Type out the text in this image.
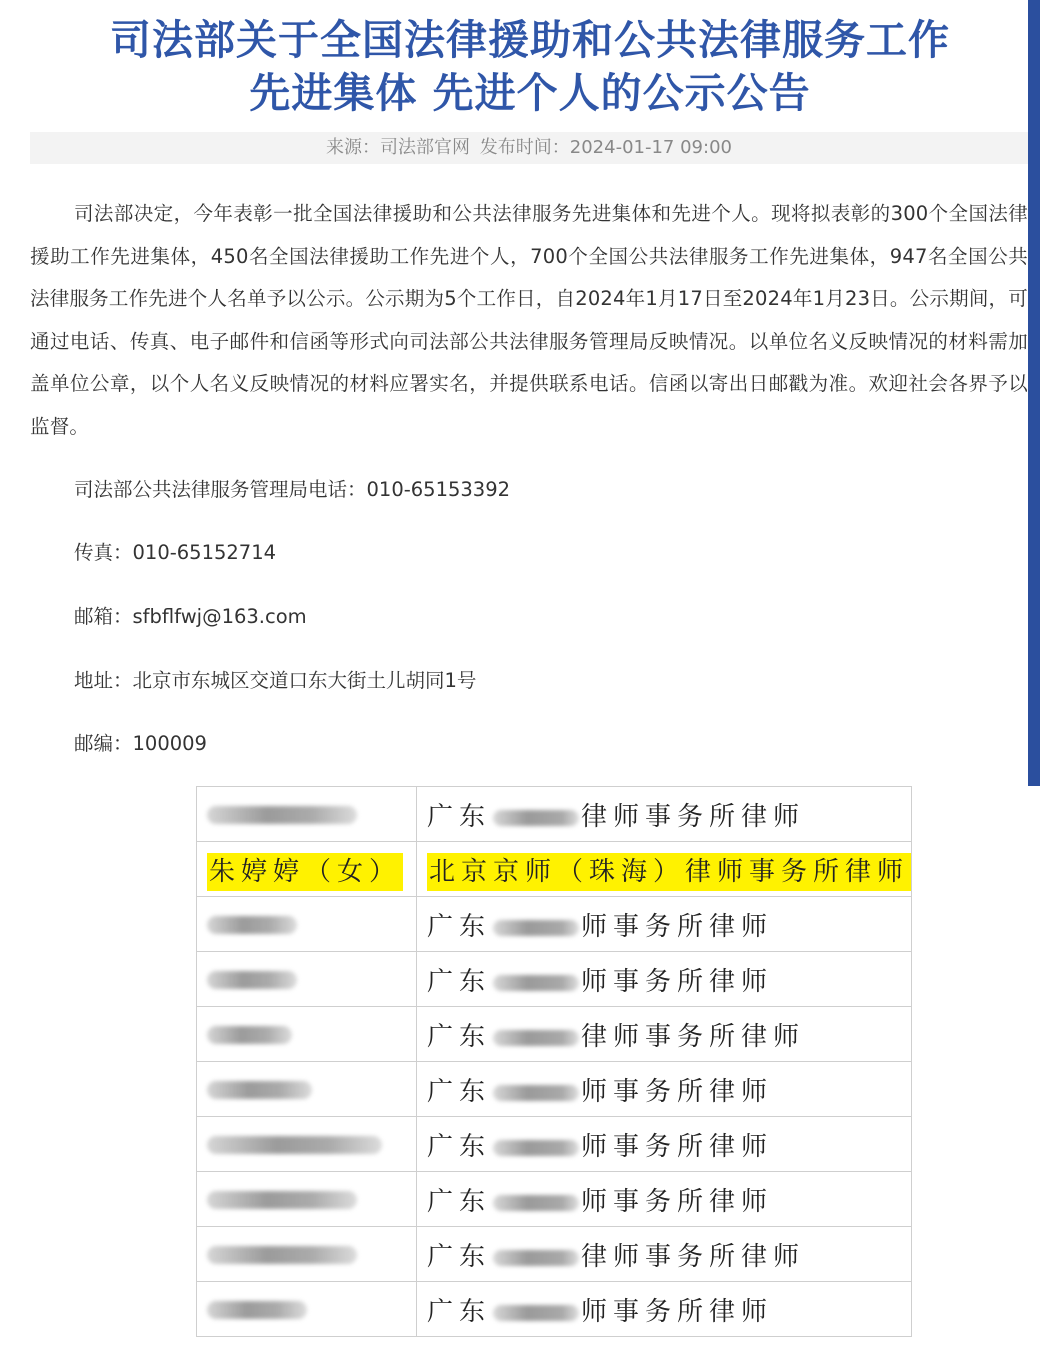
司法部关于全国法律援助和公共法律服务工作
先进集体 先进个人的公示公告
来源：司法部官网 发布时间：2024-01-17 09:00
司法部决定，今年表彰一批全国法律援助和公共法律服务先进集体和先进个人。现将拟表彰的300个全国法律援助工作先进集体，450名全国法律援助工作先进个人，700个全国公共法律服务工作先进集体，947名全国公共法律服务工作先进个人名单予以公示。公示期为5个工作日，自2024年1月17日至2024年1月23日。公示期间，可通过电话、传真、电子邮件和信函等形式向司法部公共法律服务管理局反映情况。以单位名义反映情况的材料需加盖单位公章，以个人名义反映情况的材料应署实名，并提供联系电话。信函以寄出日邮戳为准。欢迎社会各界予以监督。
司法部公共法律服务管理局电话：010-65153392
传真：010-65152714
邮箱：sfbflfwj@163.com
地址：北京市东城区交道口东大街土儿胡同1号
邮编：100009
	广东 律师事务所律师
朱婷婷（女）	北京京师（珠海）律师事务所律师
	广东 师事务所律师
	广东 师事务所律师
	广东 律师事务所律师
	广东 师事务所律师
	广东 师事务所律师
	广东 师事务所律师
	广东 律师事务所律师
	广东 师事务所律师
